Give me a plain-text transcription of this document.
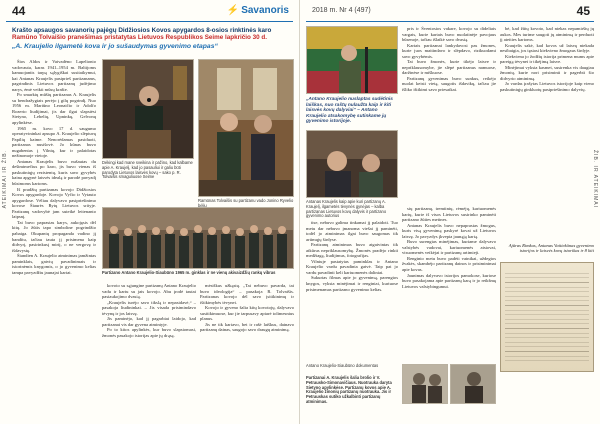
44	⚡ Savanoris
ATEIKIMAI IR ŽIB.
Krašto apsaugos savanorių pajėgų Didžiosios Kovos apygardos 8-osios rinktinės karo Ramūno Tolvaišio pranešimas pristatytas Lietuvos Respublikos Seime lapkričio 30 d.
„A. Kraujelio ilgametė kova ir jo sušaudymas gyvenimo etapas“

Šios Aldos ir Vaivadėno Lapelionio vadovauta, karas 1941–1954 m. Baltijoms kamuojantis tarpą sąlygiškai susitaikymui, kai Antanas Kraujelis pasiprieš partizanams, pagrindinis Lietuvos partizanų judėjimo narys, ėmė veikti mūsų krašte.

Po smarkių mūšių partizanas A. Kraujelis su bendražygiais perėjo į gilų pogrindį. Nuo 1956 m. Mariūno Leonaičio ir Adolfo Rozerio liudijimai, jis dar ilgai slapstėsi Sietyno, Lebelių, Upninkų, Gelvonų apylinkėse.

1965 m. kovo 17 d. saugumo operatyvininkai apsupo A. Kraujelio slėptuvę Papilių kaime. Nenorėdamas pasiduoti, partizanas nusišovė. Jo kūnas buvo nugabentas į Vilnių, kur ir palaidotas nežinomoje vietoje.

Antanas Kraujelis buvo nušautas du dešimtmečius po karo, jis buvo vienas iš paskutiniųjų rezistentų, kuris savo gyvybės kaina apgynė laisvės idealą ir parodė pavyzdį būsimoms kartoms.

Iš pradžių partizanas kovojo Didžiosios Kovos apygardoje. Kovojo Vyčio ir Vytauto apygardose. Vėliau dalyvavo pasipriešinimo kovose Šiaurės Rytų Lietuvos srityje. Partizanų vadovybė jam suteikė leitenanto laipsnį.

Tai buvo paprastas karys, aukojęsis dėl kitų. Jo žūtis tapo simboline pogrindžio pabaiga. Okupantų propaganda vadino jį banditu, tačiau tauta jį prisimena kaip didvyrį, pasirinkusį mirtį, o ne vergovę ir išdavystę.

Šiandien A. Kraujelio atminimas įamžintas paminklais, gatvių pavadinimais ir istorinėmis knygomis, o jo gyvenimo kelias tampa pavyzdžiu jaunajai kartai.

Dėkingi kad mane sveikina ir pažino, kad kalbame apie A. Kraujelį, kad jo pasauliui ir galiu būti parodyta Lietuvos laisvės kovų – sako p. R. Tolvaišis smaguliuose Seime
Ramūnas Tolvaišis su partizanu vado Jonino Ryvelio bėliu
Partizano Antano Kraujelio-Siaubūno 1965 m. ginklas ir ne vienų akivaizdžių rankų vibras

kovoto su sąjungine partizanų Antano Kraujelio vadu ir kartu su jais kovojo. Abu įrodė tautai pasiaukojimo dvasią.

„Kraujelis turėjo savo tikslą ir nepasidavė,“ – pasakoja liudininkai. – Jis visada prisimindavo tėvynę ir jos laisvę.

Jis paminėjo, kad jį pagarbiai laidojo, kad partizanai vis dar gyvena atmintyje.

Po to kitos apylinkės, kur buvo slapstomasi, žmonės pasakojo istorijas apie jų drąsą.

mėsiškus užkąstų. „Tai nebuvo pavarda, tai buvo ideologija“ – pasakoja R. Tolvaišis. Partizanas kovojo dėl savo įsitikinimų ir ištikimybės tėvynei.

Kovojo ir gyveno šalia kitų kovotojų, dalyvavo susitikimuose, kur jie tarpusavy aptarė tolimesnius planus.

Jis ne tik kariavo, bet ir rašė laiškus, dainavo partizanų dainas, saugojo savo draugų atminimą.

2018 m. Nr 4 (497)	45
ŽIB. IR ATEIKIMAI
„Antano Kraujelio nuslaptas sudėtinis laiškas, nuo raštų nulaužta kaip ir kiti laisvės kovų dalyviai“ – Antano Kraujelio atsakomybę sutinkame jų gyvenimo istorijoje.
Antanas Kraujelis kaip apie kuri partizanų A. Kraujelį, ilgametės tėvynės gynėjas – kalba partizanas Lietuvos kovų dalyvis ir partizano gyvenimo autorius

pris ir Šventosios vakare, kovojo su dideliais vargais, kurie kartais buvo nuolatinėje pavojaus būsenoje, tačiau išlaikė savo dvasią.

Kartais partizanai lankydavosi pas žmones, kurie juos maitindavo ir slėpdavo, rizikuodami savo gyvybėmis.

Tai buvo žmonės, kurie tikėjo laisve ir nepriklausomybe, jie slėpė partizanus namuose, daržinėse ir miškuose.

Partizanų gyvenimas buvo sunkus, reikėjo nuolat keisti vietą, saugotis išdavikų, tačiau jie išliko ištikimi savo priesaikai.

tise, nebuvo galima tinkamai jį palaidoti. Tuo metu dar nebuvo įmanoma viešai jį paminėti, todėl jo atminimas ilgai buvo saugomas tik artimųjų širdyse.

Partizanų atminimas buvo atgaivintas tik atkūrus nepriklausomybę. Žmonės pradėjo rinkti medžiagą, liudijimus, fotografijas.

Vilniuje pastatytas paminklas ir Antano Kraujelio vardu pavadinta gatvė. Taip pat jo vardu pavadinti keli kariuomenės daliniai.

Sukurtas filmas apie jo gyvenimą, parengtos knygos, vyksta minėjimai ir renginiai, kuriuose prisimenamas partizano gyvenimo kelias.

sių partizanų, tremtinių, rėmėjų, kariuomenės karių, kurie iš visos Lietuvos susirinko paminėti partizano žūties metines.

Antanas Kraujelis buvo nepaprastas žmogus, kuris visą gyvenimą paskyrė kovai už Lietuvos laisvę. Jo pavyzdys įkvepia jaunąją kartą.

Buvo surengtas minėjimas, kuriame dalyvavo valstybės vadovai, kariuomenės atstovai, visuomenės veikėjai ir partizanų artimieji.

Renginio metu buvo padėti vainikai, uždegtos žvakės, skambėjo partizanų dainos ir prisiminimai apie kovas.

Jaunimas dalyvavo istorijos pamokose, kuriose buvo pasakojama apie partizanų karą ir jo reikšmę Lietuvos valstybingumui.

bė, kad žūtų kovoto, kad niekas nepamirštų jų aukos. Mes turime saugoti jų atminimą ir perduoti jį ateities kartoms.

Kraujelis sakė, kad kovos už laisvę niekada nesibaigia, jos tęsiasi kiekvieno žmogaus širdyje.

Kiekviena jo žodžių istorija primena mums apie pareigą tėvynei ir tikėjimą laisve.

Minėjimai vyksta kasmet, susirenka vis daugiau žmonių, kurie nori prisiminti ir pagerbti šio didvyrio atminimą.

Jo vardas įrašytas Lietuvos istorijoje kaip vieno paskutiniųjų ginkluotų pasipriešinimo dalyvių.

Ajūras Rimkus, Antanas Vaitiekūnas gyvenimo istorijos ir laisvės kovų istorikas ir 8 kiti
Antano Kraujelio-Siaubūno dokumentas
Partizanai A. Kraujelis šalia brolio ir V. Petrausko-Simonavičiaus. Nuotrauka daryta Sietyno apylinkėse. Partizanų kovos apie A. Kraujelio žmonių partizanų nuotrauka. Jis ir Petrauskas sutiko užkalbinti partizanų atminimas.
